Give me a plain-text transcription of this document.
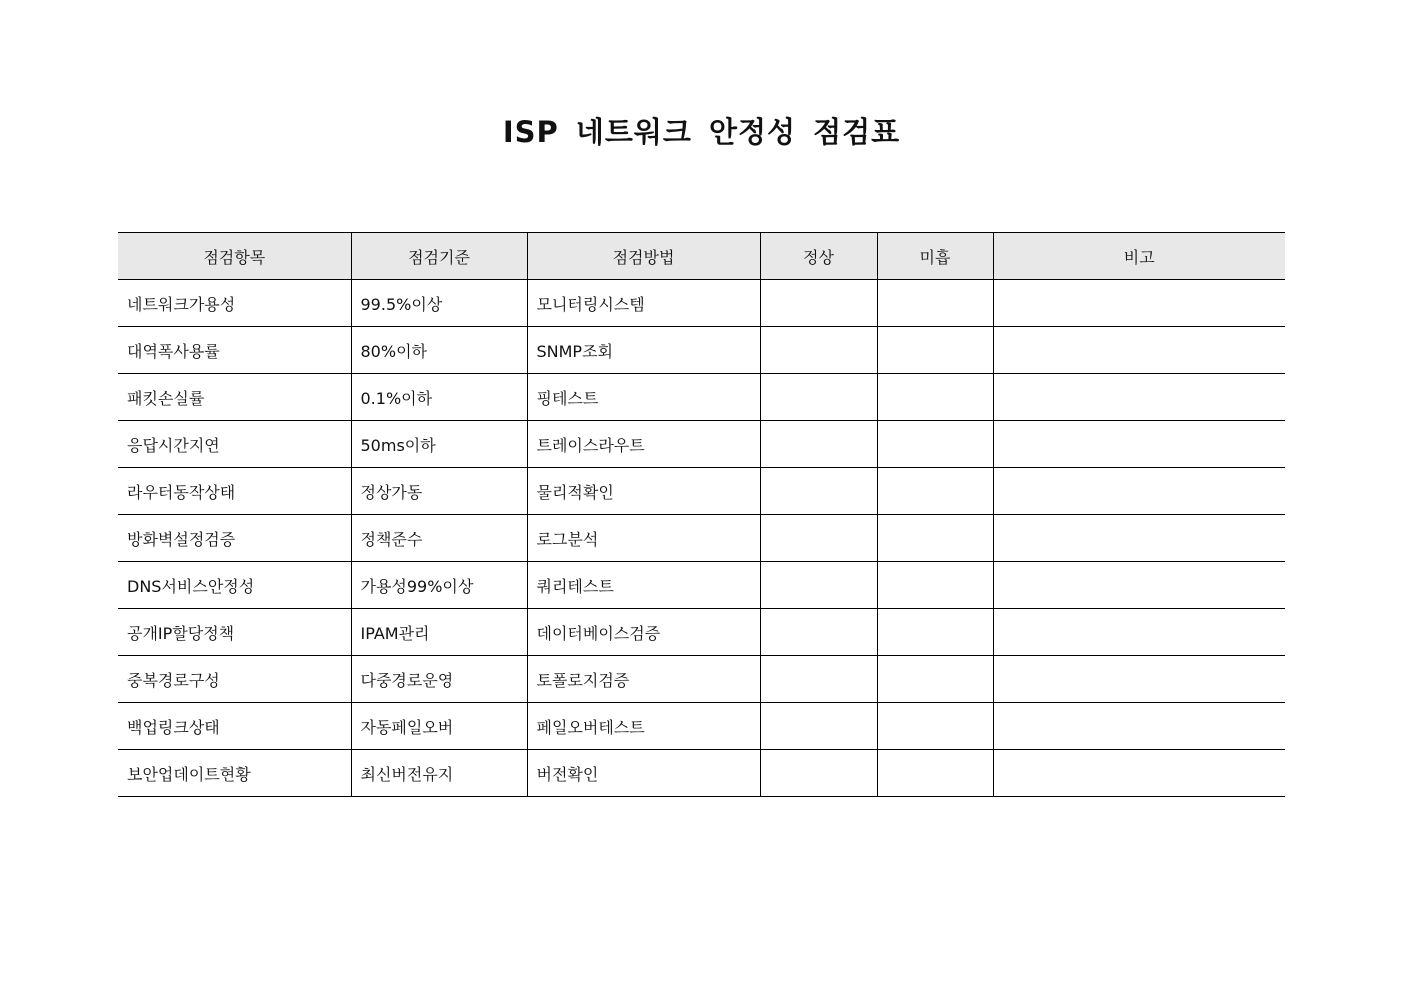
ISP 네트워크 안정성 점검표
점검항목	점검기준	점검방법	정상	미흡	비고
네트워크가용성	99.5%이상	모니터링시스템			
대역폭사용률	80%이하	SNMP조회			
패킷손실률	0.1%이하	핑테스트			
응답시간지연	50ms이하	트레이스라우트			
라우터동작상태	정상가동	물리적확인			
방화벽설정검증	정책준수	로그분석			
DNS서비스안정성	가용성99%이상	쿼리테스트			
공개IP할당정책	IPAM관리	데이터베이스검증			
중복경로구성	다중경로운영	토폴로지검증			
백업링크상태	자동페일오버	페일오버테스트			
보안업데이트현황	최신버전유지	버전확인			
